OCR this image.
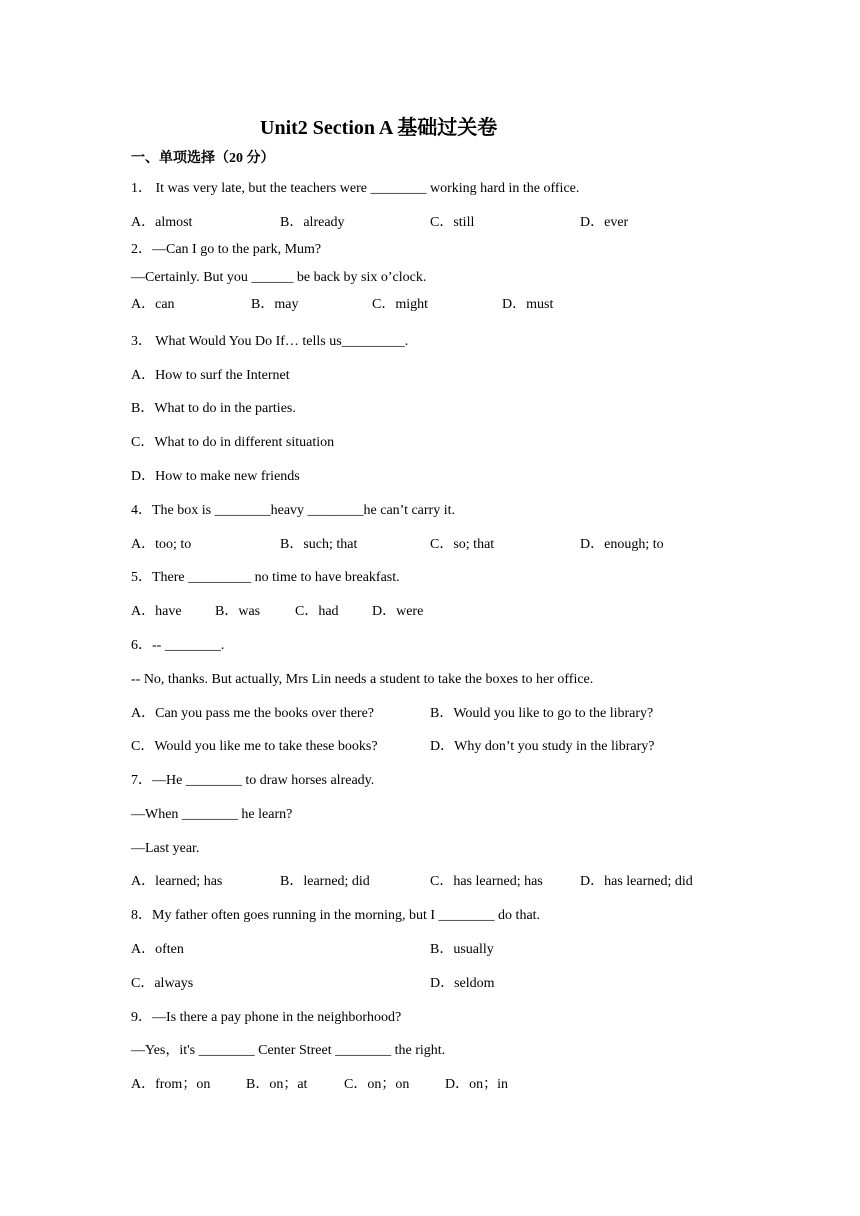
Unit2 Section A 基础过关卷
一、单项选择（20 分）
1． It was very late, but the teachers were ________ working hard in the office.
A．almost	B．already	C．still	D．ever
2．—Can I go to the park, Mum?
—Certainly. But you ______ be back by six o’clock.
A．can	B．may	C．might	D．must
3． What Would You Do If… tells us_________.
A．How to surf the Internet
B．What to do in the parties.
C．What to do in different situation
D．How to make new friends
4．The box is ________heavy ________he can’t carry it.
A．too; to	B．such; that	C．so; that	D．enough; to
5．There _________ no time to have breakfast.
A．have B．was C．had D．were
6．-- ________.
-- No, thanks. But actually, Mrs Lin needs a student to take the boxes to her office.
A．Can you pass me the books over there?	B．Would you like to go to the library?
C．Would you like me to take these books?	D．Why don’t you study in the library?
7．—He ________ to draw horses already.
—When ________ he learn?
—Last year.
A．learned; has	B．learned; did	C．has learned; has	D．has learned; did
8．My father often goes running in the morning, but I ________ do that.
A．often	B．usually
C．always	D．seldom
9．—Is there a pay phone in the neighborhood?
—Yes，it's ________ Center Street ________ the right.
A．from；on	B．on；at	C．on；on	D．on；in
